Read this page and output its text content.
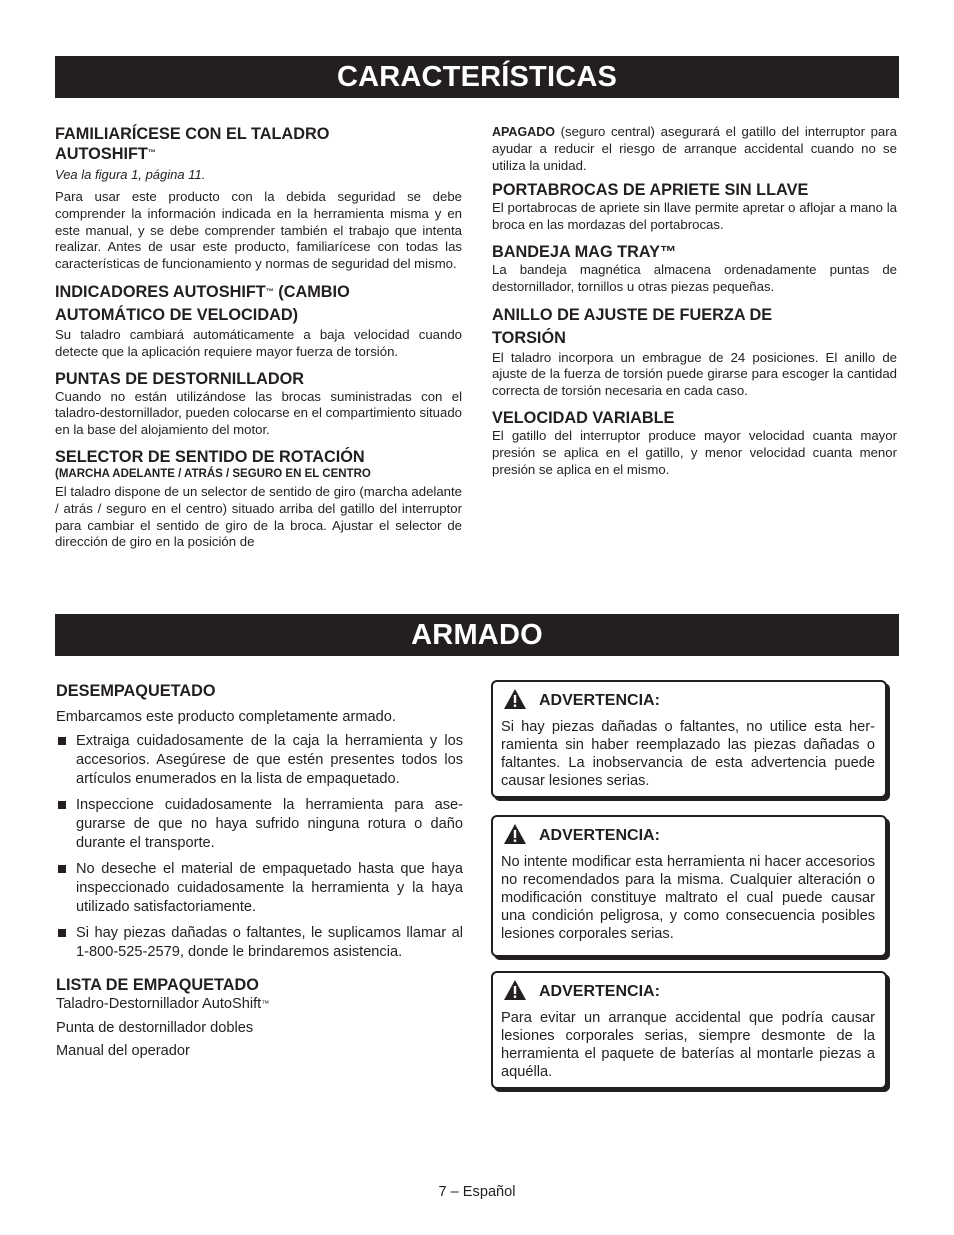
CARACTERÍSTICAS

FAMILIARÍCESE CON EL TALADRO
AUTOSHIFT™

Vea la figura 1, página 11.

Para usar este producto con la debida seguridad se debe comprender la información indicada en la herramienta misma y en este manual, y se debe comprender también el trabajo que intenta realizar. Antes de usar este producto, familiarícese con todas las características de funcionamiento y normas de seguridad del mismo.

INDICADORES AUTOSHIFT™ (CAMBIO
AUTOMÁTICO DE VELOCIDAD)

Su taladro cambiará automáticamente a baja velocidad cuando detecte que la aplicación requiere mayor fuerza de torsión.

PUNTAS DE DESTORNILLADOR

Cuando no están utilizándose las brocas suministradas con el taladro-destornillador, pueden colocarse en el compartimiento situado en la base del alojamiento del motor.

SELECTOR DE SENTIDO DE ROTACIÓN

(MARCHA ADELANTE / ATRÁS / SEGURO EN EL CENTRO

El taladro dispone de un selector de sentido de giro (marcha adelante / atrás / seguro en el centro) situado arriba del gatillo del interruptor para cambiar el sentido de giro de la broca. Ajustar el selector de dirección de giro en la posición de

APAGADO (seguro central) asegurará el gatillo del interruptor para ayudar a reducir el riesgo de arranque accidental cuando no se utiliza la unidad.

PORTABROCAS DE APRIETE SIN LLAVE

El portabrocas de apriete sin llave permite apretar o aflojar a mano la broca en las mordazas del portabrocas.

BANDEJA MAG TRAY™

La bandeja magnética almacena ordenadamente puntas de destornillador, tornillos u otras piezas pequeñas.

ANILLO DE AJUSTE DE FUERZA DE
TORSIÓN

El taladro incorpora un embrague de 24 posiciones. El anillo de ajuste de la fuerza de torsión puede girarse para escoger la cantidad correcta de torsión necesaria en cada caso.

VELOCIDAD VARIABLE

El gatillo del interruptor produce mayor velocidad cuanta mayor presión se aplica en el gatillo, y menor velocidad cuanta menor presión se aplica en el mismo.

ARMADO

DESEMPAQUETADO

Embarcamos este producto completamente armado.

Extraiga cuidadosamente de la caja la herramienta y los accesorios. Asegúrese de que estén presentes todos los artículos enumerados en la lista de empaquetado.
Inspeccione cuidadosamente la herramienta para ase-gurarse de que no haya sufrido ninguna rotura o daño durante el transporte.
No deseche el material de empaquetado hasta que haya inspeccionado cuidadosamente la herramienta y la haya utilizado satisfactoriamente.
Si hay piezas dañadas o faltantes, le suplicamos llamar al 1-800-525-2579, donde le brindaremos asistencia.

LISTA DE EMPAQUETADO

Taladro-Destornillador AutoShift™

Punta de destornillador dobles

Manual del operador

ADVERTENCIA:

Si hay piezas dañadas o faltantes, no utilice esta her-ramienta sin haber reemplazado las piezas dañadas o faltantes. La inobservancia de esta advertencia puede causar lesiones serias.

ADVERTENCIA:

No intente modificar esta herramienta ni hacer accesorios no recomendados para la misma. Cualquier alteración o modificación constituye maltrato el cual puede causar una condición peligrosa, y como consecuencia posibles lesiones corporales serias.

ADVERTENCIA:

Para evitar un arranque accidental que podría causar lesiones corporales serias, siempre desmonte de la herramienta el paquete de baterías al montarle piezas a aquélla.

7 – Español
